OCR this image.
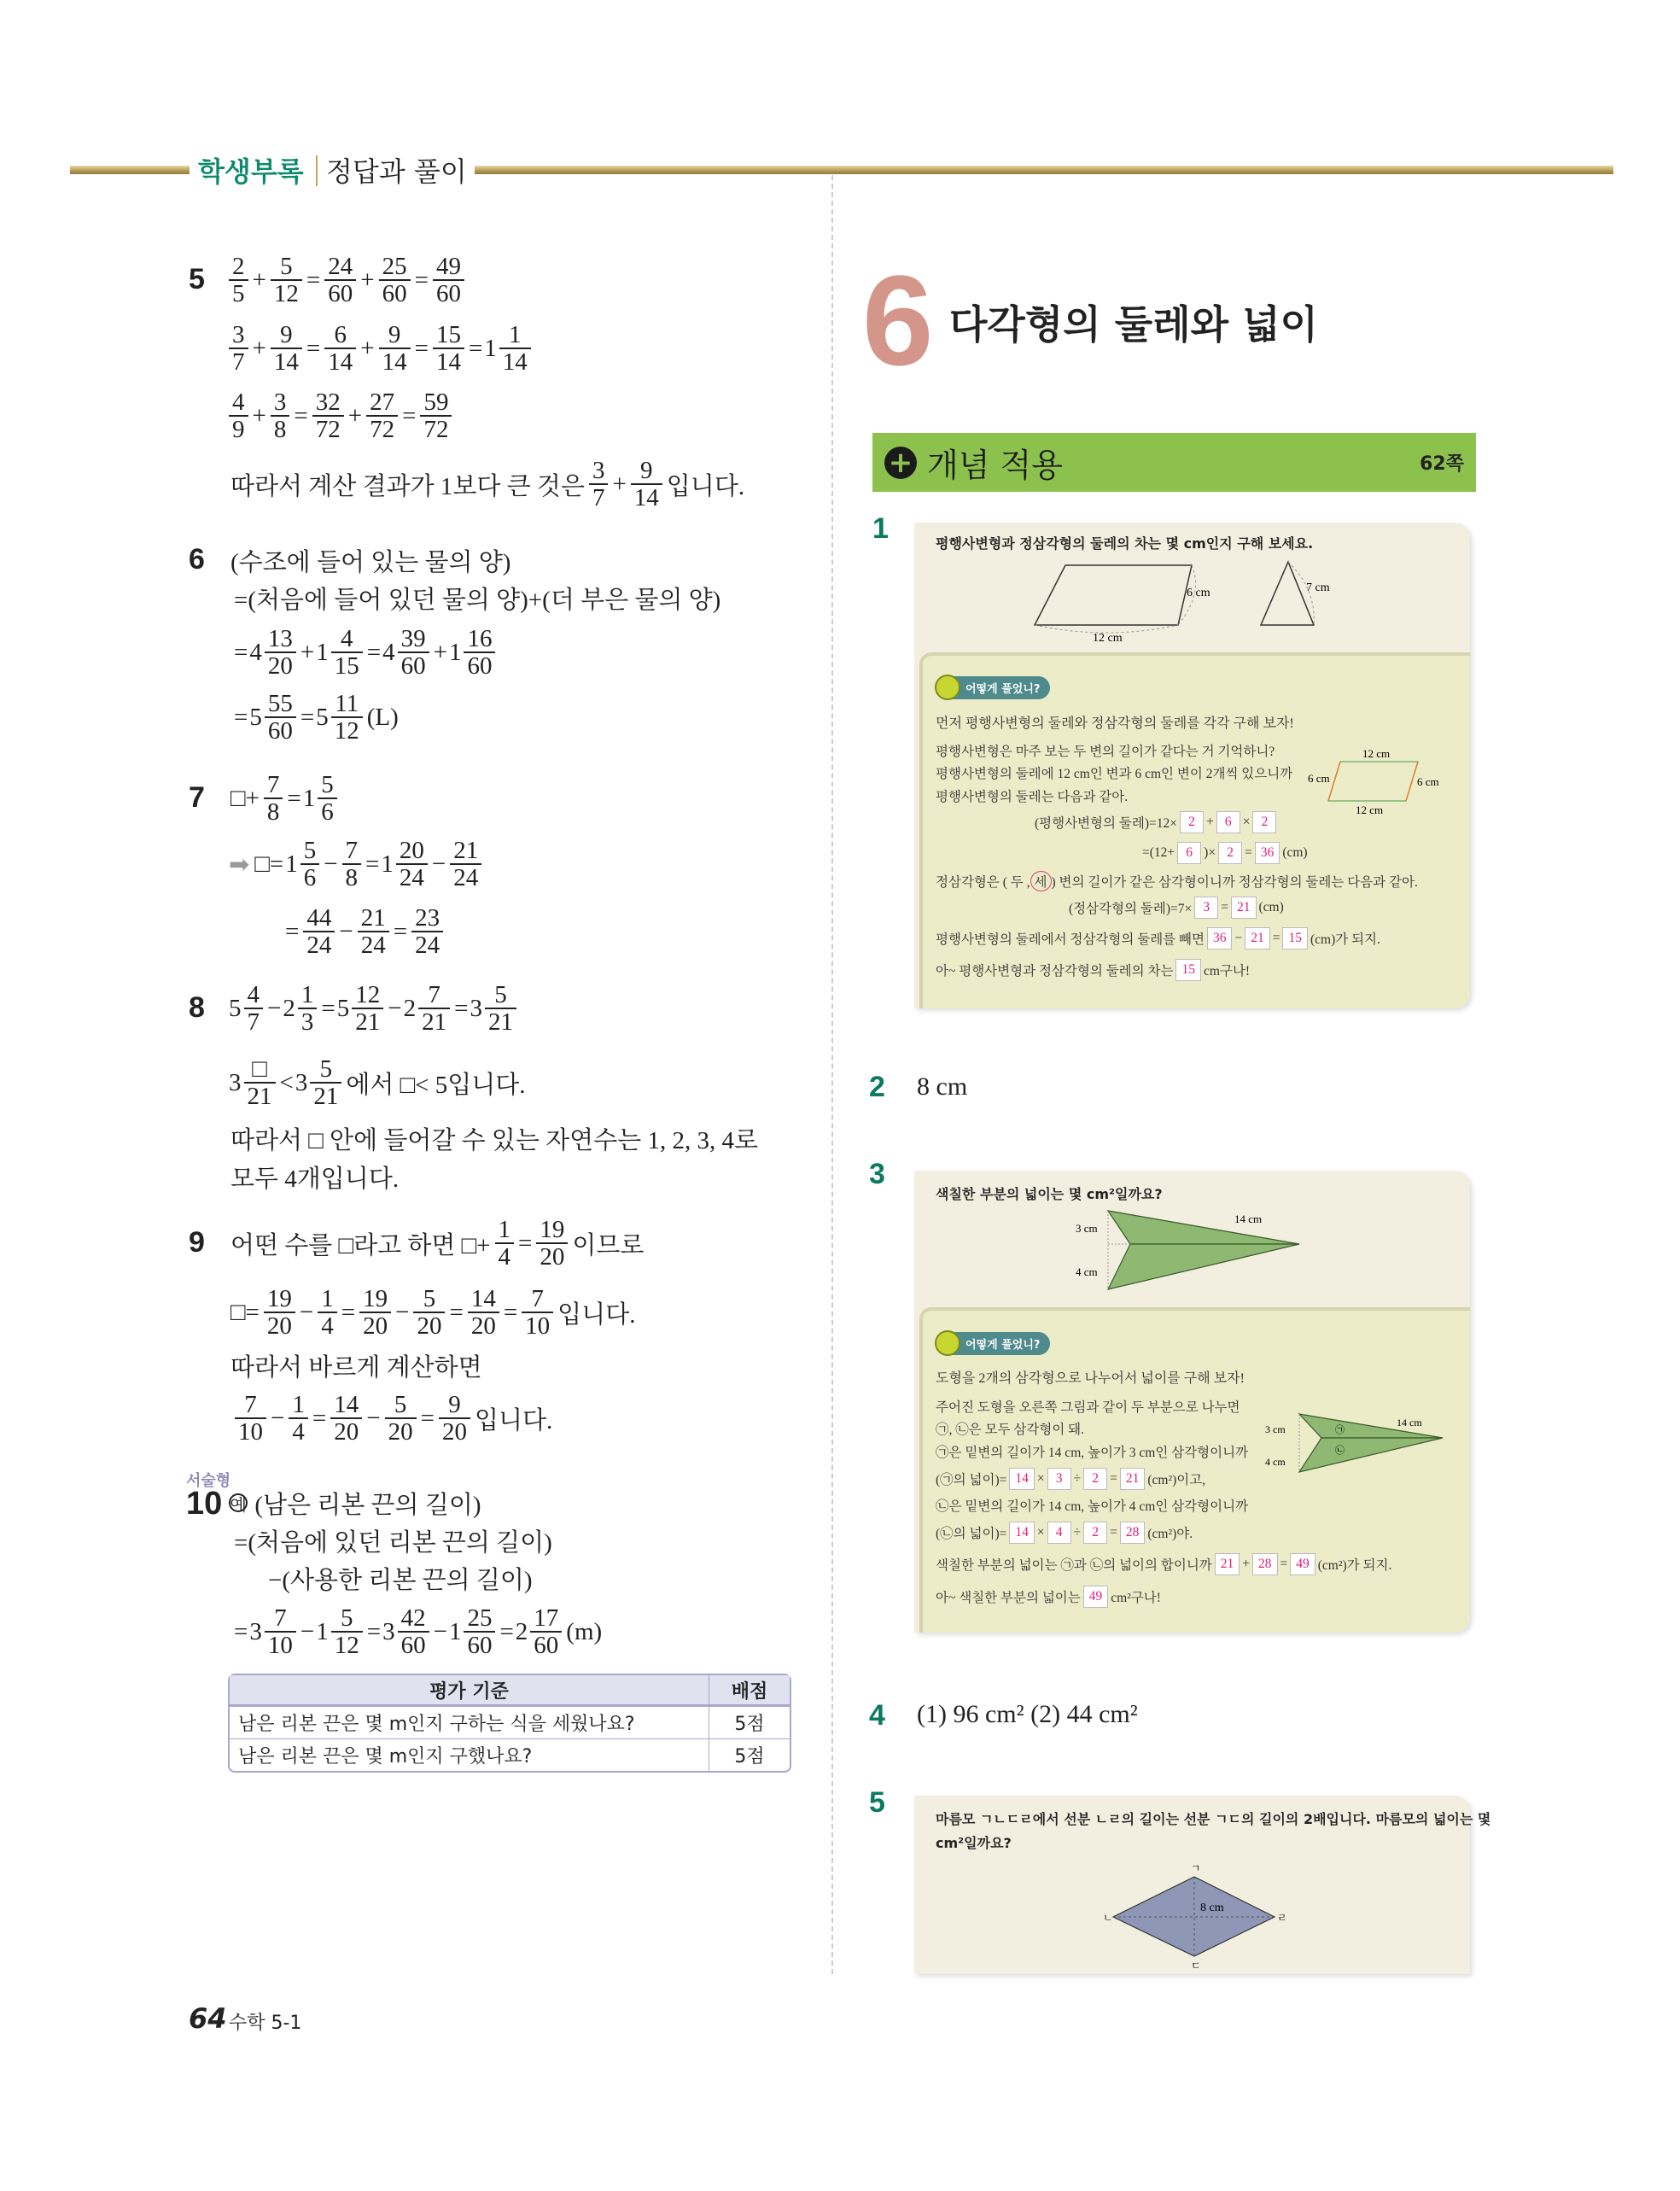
학생부록 정답과 풀이
$5 \frac{2}{5} + \frac{5}{12} = \frac{24}{60} + \frac{25}{60} = \frac{49}{60}$
$\frac{3}{7} + \frac{9}{14} = \frac{6}{14} + \frac{9}{14} = \frac{15}{14} = 1 \frac{1}{14}$
$\frac{4}{9} + \frac{3}{8} = \frac{32}{72} + \frac{27}{72} = \frac{59}{72}$
따라서 계산 결과가 1보다 큰 것은 $\frac{3}{7} + \frac{9}{14}$ 입니다.
6 (수조에 들어 있는 물의 양)
=(처음에 들어 있던 물의 양)+(더 부은 물의 양)
= $4 \frac{13}{20} + 1 \frac{4}{15} = 4 \frac{39}{60} + 1 \frac{16}{60}$
= $5 \frac{55}{60} = 5 \frac{11}{12} (L)$
7 □+ $\frac{7}{8} = 1 \frac{5}{6}$
➡ □= $1 \frac{5}{6} - \frac{7}{8} = 1 \frac{20}{24} - \frac{21}{24}$
= $\frac{44}{24} - \frac{21}{24} = \frac{23}{24}$
8 $5 \frac{4}{7} - 2 \frac{1}{3} = 5 \frac{12}{21} - 2 \frac{7}{21} = 3 \frac{5}{21}$
3 □
21
< $3 \frac{5}{21}$ 에서 □< 5입니다.
따라서 □ 안에 들어갈 수 있는 자연수는 1, 2, 3, 4로
모두 4개입니다.
9 어떤 수를 □라고 하면 □+ $\frac{1}{4} = \frac{19}{20}$ 이므로
□= $\frac{19}{20} - \frac{1}{4} = \frac{19}{20} - \frac{5}{20} = \frac{14}{20} = \frac{7}{10}$ 입니다.
따라서 바르게 계산하면
$\frac{7}{10} - \frac{1}{4} = \frac{14}{20} - \frac{5}{20} = \frac{9}{20}$ 입니다.
서술형
10 예 (남은 리본 끈의 길이)
=(처음에 있던 리본 끈의 길이)
−(사용한 리본 끈의 길이)
= $3 \frac{7}{10} - 1 \frac{5}{12} = 3 \frac{42}{60} - 1 \frac{25}{60} = 2 \frac{17}{60} (m)$
평가 기준	배점
남은 리본 끈은 몇 m인지 구하는 식을 세웠나요?	5점
남은 리본 끈은 몇 m인지 구했나요?	5점
64 수학 5-1
6 다각형의 둘레와 넓이
+ 개념 적용	62쪽
1	평행사변형과 정삼각형의 둘레의 차는 몇 cm인지 구해 보세요.
6 cm
12 cm
7 cm
어떻게 풀었니?
먼저 평행사변형의 둘레와 정삼각형의 둘레를 각각 구해 보자!
평행사변형은 마주 보는 두 변의 길이가 같다는 거 기억하니?
평행사변형의 둘레에 12 cm인 변과 6 cm인 변이 2개씩 있으니까
평행사변형의 둘레는 다음과 같아.
(평행사변형의 둘레)=12× 2 + 6 × 2
=(12+ 6 )× 2 = 36 (cm)
정삼각형은 ( 두 , 세 ) 변의 길이가 같은 삼각형이니까 정삼각형의 둘레는 다음과 같아.
(정삼각형의 둘레)=7× 3 = 21 (cm)
평행사변형의 둘레에서 정삼각형의 둘레를 빼면 36 − 21 = 15 (cm)가 되지.
아~ 평행사변형과 정삼각형의 둘레의 차는 15 cm구나!
12 cm
12 cm
6 cm	6 cm
2 8 cm
3
색칠한 부분의 넓이는 몇 cm²일까요?
3 cm
4 cm
14 cm
어떻게 풀었니?
도형을 2개의 삼각형으로 나누어서 넓이를 구해 보자!
주어진 도형을 오른쪽 그림과 같이 두 부분으로 나누면
㉠, ㉡은 모두 삼각형이 돼.
㉠은 밑변의 길이가 14 cm, 높이가 3 cm인 삼각형이니까
(㉠의 넓이)= 14 × 3 ÷ 2 = 21 (cm²)이고,
㉡은 밑변의 길이가 14 cm, 높이가 4 cm인 삼각형이니까
(㉡의 넓이)= 14 × 4 ÷ 2 = 28 (cm²)야.
색칠한 부분의 넓이는 ㉠과 ㉡의 넓이의 합이니까 21 + 28 = 49 (cm²)가 되지.
아~ 색칠한 부분의 넓이는 49 cm²구나!
3 cm
4 cm
14 cm
㉠
㉡
4 (1) 96 cm² (2) 44 cm²
5
마름모 ㄱㄴㄷㄹ에서 선분 ㄴㄹ의 길이는 선분 ㄱㄷ의 길이의 2배입니다. 마름모의 넓이는 몇
cm²일까요?
ㄱ
ㄴ
ㄷ
ㄹ
8 cm
